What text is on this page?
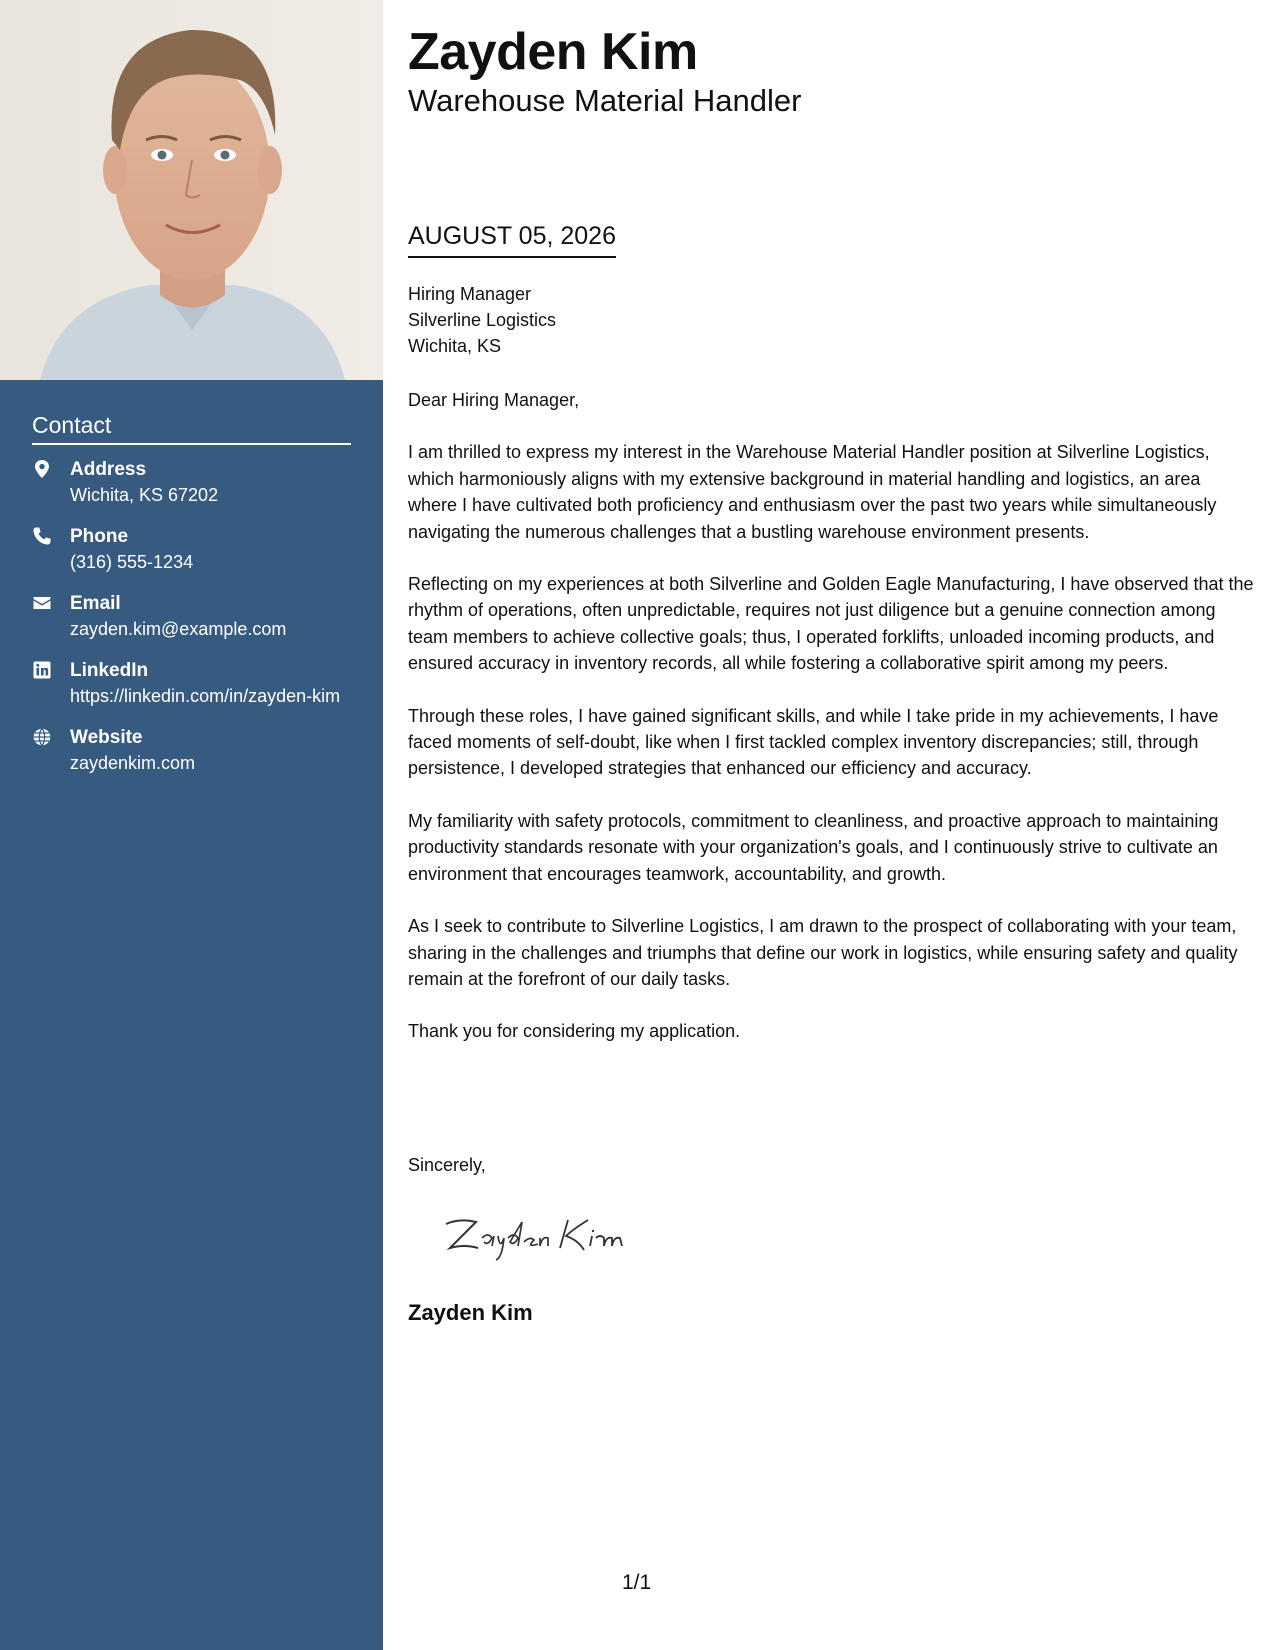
Contact
Address
Wichita, KS 67202
Phone
(316) 555-1234
Email
zayden.kim@example.com
LinkedIn
https://linkedin.com/in/zayden-kim
Website
zaydenkim.com
Zayden Kim
Warehouse Material Handler
AUGUST 05, 2026
Hiring Manager
Silverline Logistics
Wichita, KS

Dear Hiring Manager,

I am thrilled to express my interest in the Warehouse Material Handler position at Silverline Logistics, which harmoniously aligns with my extensive background in material handling and logistics, an area where I have cultivated both proficiency and enthusiasm over the past two years while simultaneously navigating the numerous challenges that a bustling warehouse environment presents.

Reflecting on my experiences at both Silverline and Golden Eagle Manufacturing, I have observed that the rhythm of operations, often unpredictable, requires not just diligence but a genuine connection among team members to achieve collective goals; thus, I operated forklifts, unloaded incoming products, and ensured accuracy in inventory records, all while fostering a collaborative spirit among my peers.

Through these roles, I have gained significant skills, and while I take pride in my achievements, I have faced moments of self-doubt, like when I first tackled complex inventory discrepancies; still, through persistence, I developed strategies that enhanced our efficiency and accuracy.

My familiarity with safety protocols, commitment to cleanliness, and proactive approach to maintaining productivity standards resonate with your organization's goals, and I continuously strive to cultivate an environment that encourages teamwork, accountability, and growth.

As I seek to contribute to Silverline Logistics, I am drawn to the prospect of collaborating with your team, sharing in the challenges and triumphs that define our work in logistics, while ensuring safety and quality remain at the forefront of our daily tasks.

Thank you for considering my application.

Sincerely,
Zayden Kim
1/1
